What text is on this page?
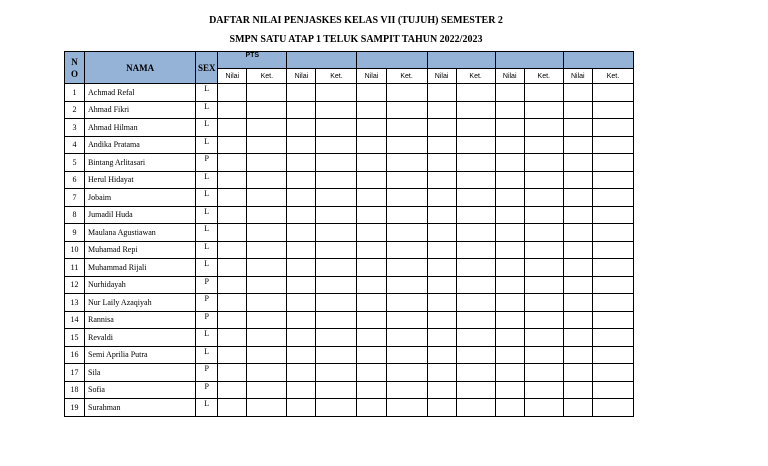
DAFTAR NILAI PENJASKES KELAS VII (TUJUH) SEMESTER 2
SMPN SATU ATAP 1 TELUK SAMPIT TAHUN 2022/2023
N
O	NAMA	SEX	PTS											
			Nilai	Ket.	Nilai	Ket.	Nilai	Ket.	Nilai	Ket.	Nilai	Ket.	Nilai	Ket.
1	Achmad Refal	L												
2	Ahmad Fikri	L												
3	Ahmad Hilman	L												
4	Andika Pratama	L												
5	Bintang Arlitasari	P												
6	Herul Hidayat	L												
7	Jobaim	L												
8	Jumadil Huda	L												
9	Maulana Agustiawan	L												
10	Muhamad Repi	L												
11	Muhammad Rijali	L												
12	Nurhidayah	P												
13	Nur Laily Azaqiyah	P												
14	Rannisa	P												
15	Revaldi	L												
16	Semi Aprilia Putra	L												
17	Sila	P												
18	Sofia	P												
19	Surahman	L												
